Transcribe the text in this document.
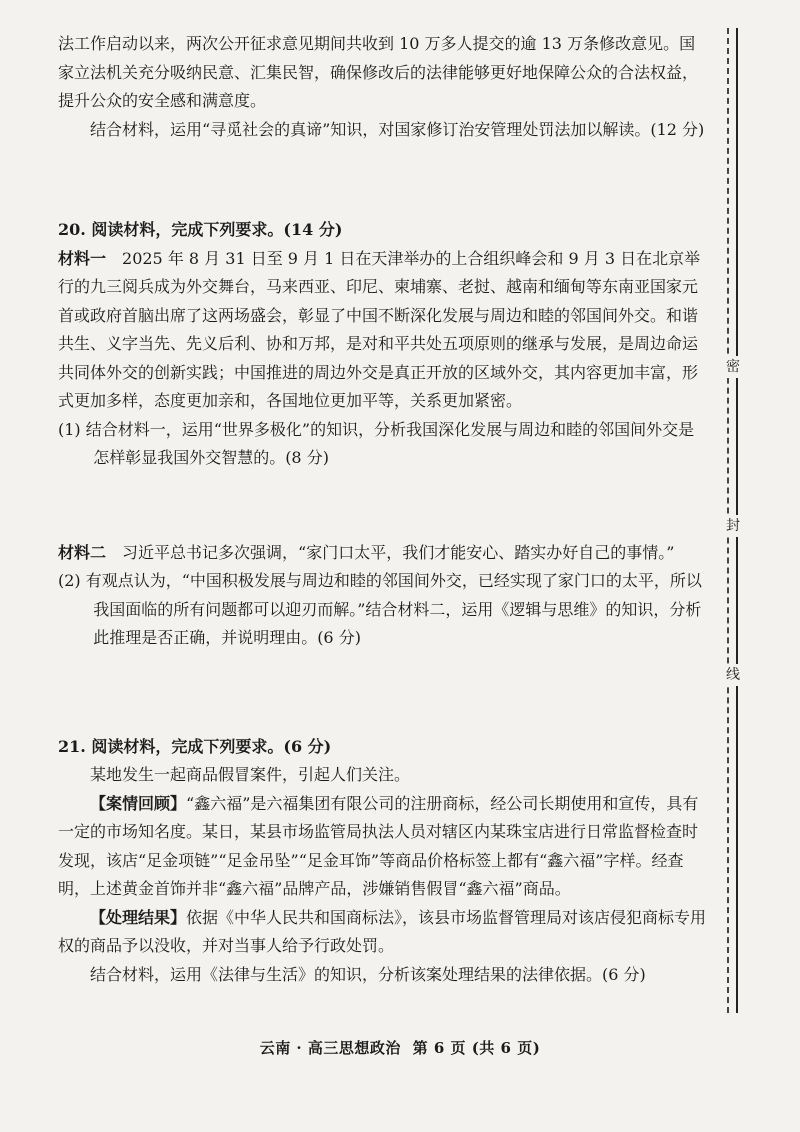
法工作启动以来，两次公开征求意见期间共收到 10 万多人提交的逾 13 万条修改意见。国

家立法机关充分吸纳民意、汇集民智，确保修改后的法律能够更好地保障公众的合法权益，

提升公众的安全感和满意度。

结合材料，运用“寻觅社会的真谛”知识，对国家修订治安管理处罚法加以解读。(12 分)

20. 阅读材料，完成下列要求。(14 分)

材料一　2025 年 8 月 31 日至 9 月 1 日在天津举办的上合组织峰会和 9 月 3 日在北京举行的九三阅兵成为外交舞台，马来西亚、印尼、柬埔寨、老挝、越南和缅甸等东南亚国家元首或政府首脑出席了这两场盛会，彰显了中国不断深化发展与周边和睦的邻国间外交。和谐共生、义字当先、先义后利、协和万邦，是对和平共处五项原则的继承与发展，是周边命运共同体外交的创新实践；中国推进的周边外交是真正开放的区域外交，其内容更加丰富，形式更加多样，态度更加亲和，各国地位更加平等，关系更加紧密。

(1) 结合材料一，运用“世界多极化”的知识，分析我国深化发展与周边和睦的邻国间外交是怎样彰显我国外交智慧的。(8 分)

材料二　习近平总书记多次强调，“家门口太平，我们才能安心、踏实办好自己的事情。”

(2) 有观点认为，“中国积极发展与周边和睦的邻国间外交，已经实现了家门口的太平，所以我国面临的所有问题都可以迎刃而解。”结合材料二，运用《逻辑与思维》的知识，分析此推理是否正确，并说明理由。(6 分)

21. 阅读材料，完成下列要求。(6 分)

某地发生一起商品假冒案件，引起人们关注。

【案情回顾】“鑫六福”是六福集团有限公司的注册商标，经公司长期使用和宣传，具有一定的市场知名度。某日，某县市场监管局执法人员对辖区内某珠宝店进行日常监督检查时发现，该店“足金项链”“足金吊坠”“足金耳饰”等商品价格标签上都有“鑫六福”字样。经查明，上述黄金首饰并非“鑫六福”品牌产品，涉嫌销售假冒“鑫六福”商品。

【处理结果】依据《中华人民共和国商标法》，该县市场监督管理局对该店侵犯商标专用权的商品予以没收，并对当事人给予行政处罚。

结合材料，运用《法律与生活》的知识，分析该案处理结果的法律依据。(6 分)

密
封
线
云南 · 高三思想政治 第 6 页 (共 6 页)
